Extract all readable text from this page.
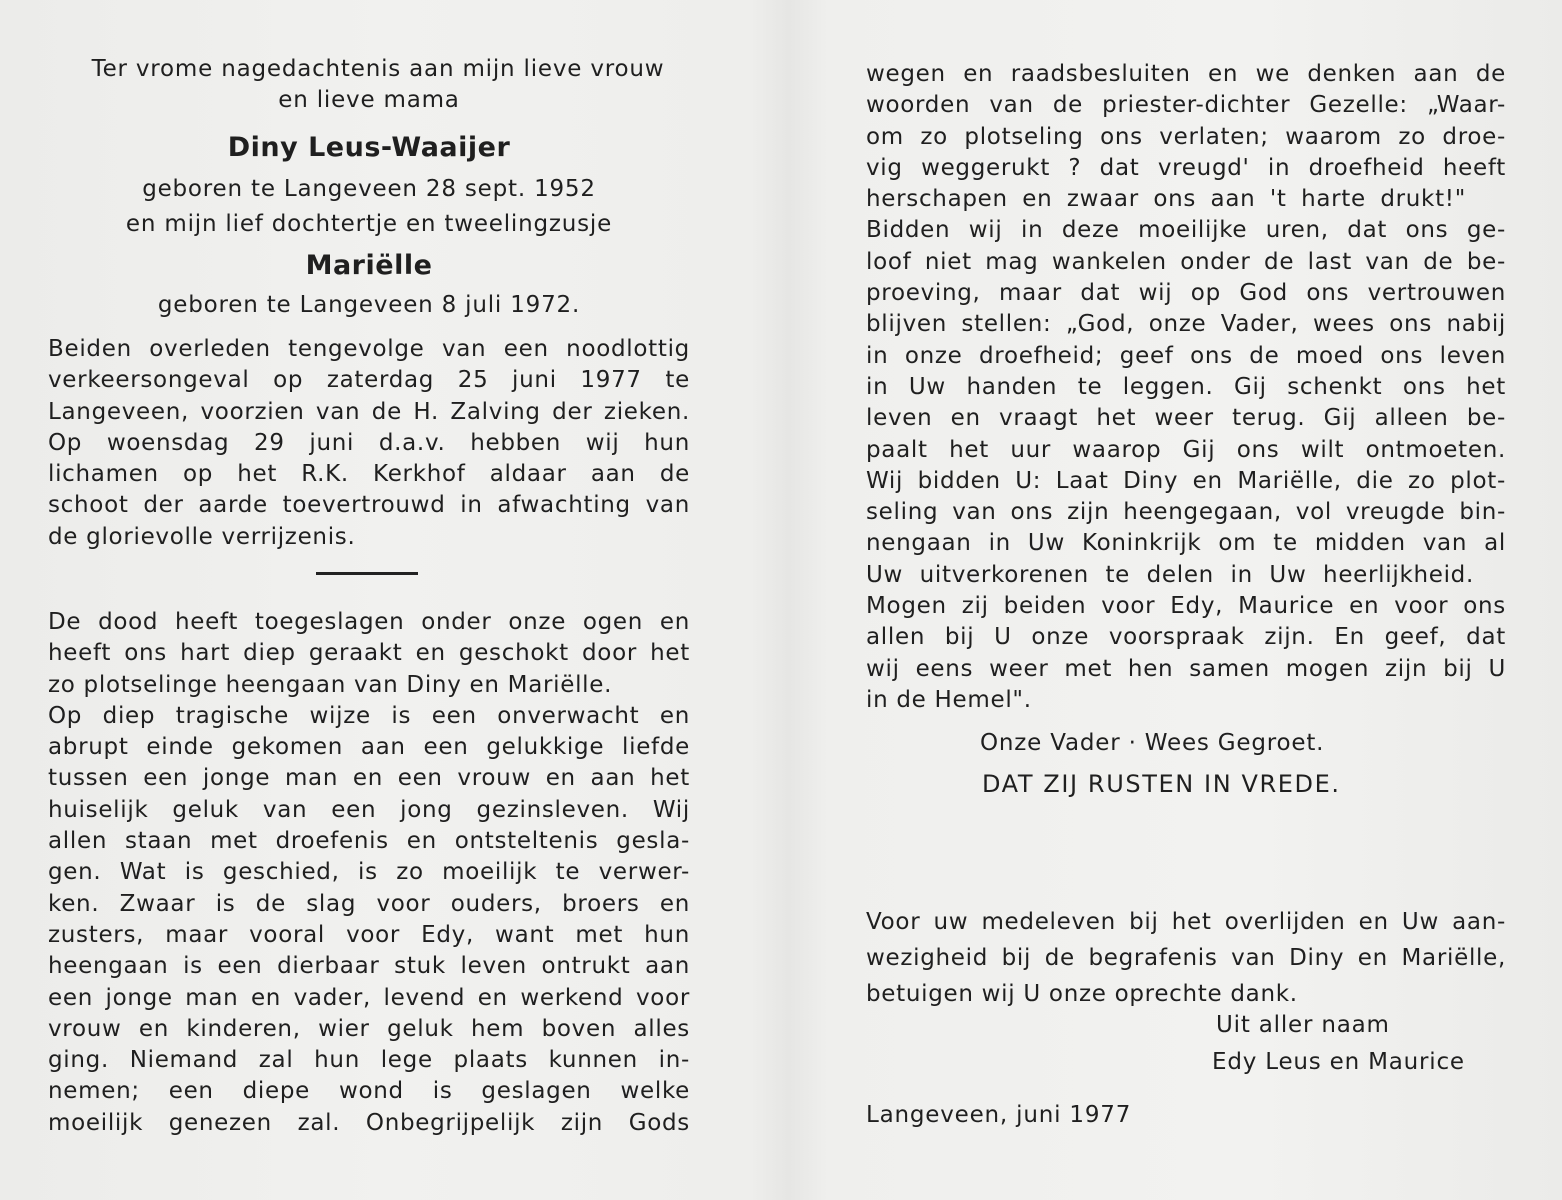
Ter vrome nagedachtenis aan mijn lieve vrouw
en lieve mama
Diny Leus-Waaijer
geboren te Langeveen 28 sept. 1952
en mijn lief dochtertje en tweelingzusje
Mariëlle
geboren te Langeveen 8 juli 1972.
Beiden overleden tengevolge van een noodlottig
verkeersongeval op zaterdag 25 juni 1977 te
Langeveen, voorzien van de H. Zalving der zieken.
Op woensdag 29 juni d.a.v. hebben wij hun
lichamen op het R.K. Kerkhof aldaar aan de
schoot der aarde toevertrouwd in afwachting van
de glorievolle verrijzenis.
De dood heeft toegeslagen onder onze ogen en
heeft ons hart diep geraakt en geschokt door het
zo plotselinge heengaan van Diny en Mariëlle.
Op diep tragische wijze is een onverwacht en
abrupt einde gekomen aan een gelukkige liefde
tussen een jonge man en een vrouw en aan het
huiselijk geluk van een jong gezinsleven. Wij
allen staan met droefenis en ontsteltenis gesla-
gen. Wat is geschied, is zo moeilijk te verwer-
ken. Zwaar is de slag voor ouders, broers en
zusters, maar vooral voor Edy, want met hun
heengaan is een dierbaar stuk leven ontrukt aan
een jonge man en vader, levend en werkend voor
vrouw en kinderen, wier geluk hem boven alles
ging. Niemand zal hun lege plaats kunnen in-
nemen; een diepe wond is geslagen welke
moeilijk genezen zal. Onbegrijpelijk zijn Gods
wegen en raadsbesluiten en we denken aan de
woorden van de priester-dichter Gezelle: „Waar-
om zo plotseling ons verlaten; waarom zo droe-
vig weggerukt ? dat vreugd' in droefheid heeft
herschapen en zwaar ons aan 't harte drukt!"
Bidden wij in deze moeilijke uren, dat ons ge-
loof niet mag wankelen onder de last van de be-
proeving, maar dat wij op God ons vertrouwen
blijven stellen: „God, onze Vader, wees ons nabij
in onze droefheid; geef ons de moed ons leven
in Uw handen te leggen. Gij schenkt ons het
leven en vraagt het weer terug. Gij alleen be-
paalt het uur waarop Gij ons wilt ontmoeten.
Wij bidden U: Laat Diny en Mariëlle, die zo plot-
seling van ons zijn heengegaan, vol vreugde bin-
nengaan in Uw Koninkrijk om te midden van al
Uw uitverkorenen te delen in Uw heerlijkheid.
Mogen zij beiden voor Edy, Maurice en voor ons
allen bij U onze voorspraak zijn. En geef, dat
wij eens weer met hen samen mogen zijn bij U
in de Hemel".
Onze Vader · Wees Gegroet.
DAT ZIJ RUSTEN IN VREDE.
Voor uw medeleven bij het overlijden en Uw aan-
wezigheid bij de begrafenis van Diny en Mariëlle,
betuigen wij U onze oprechte dank.
Uit aller naam
Edy Leus en Maurice
Langeveen, juni 1977
